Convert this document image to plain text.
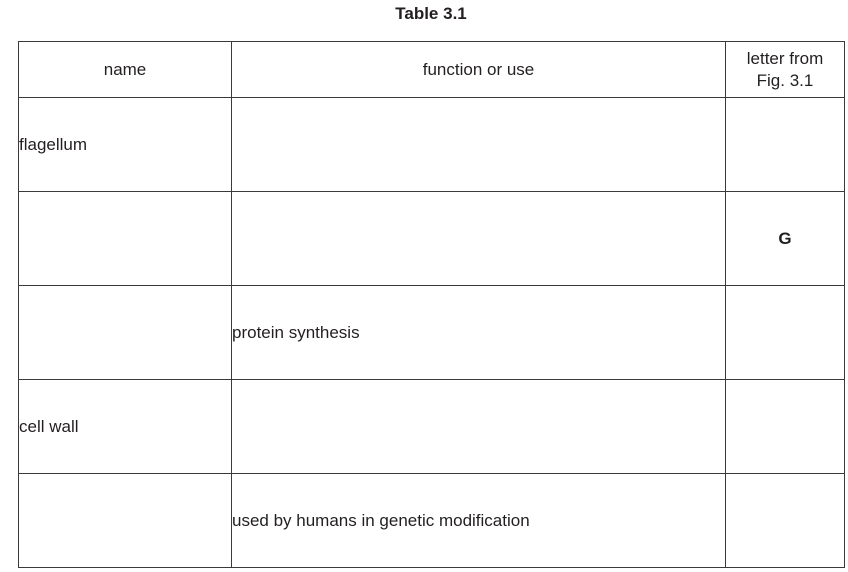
Table 3.1
name	function or use	letter from
Fig. 3.1

flagellum		
		G
	protein synthesis	
cell wall		
	used by humans in genetic modification	
